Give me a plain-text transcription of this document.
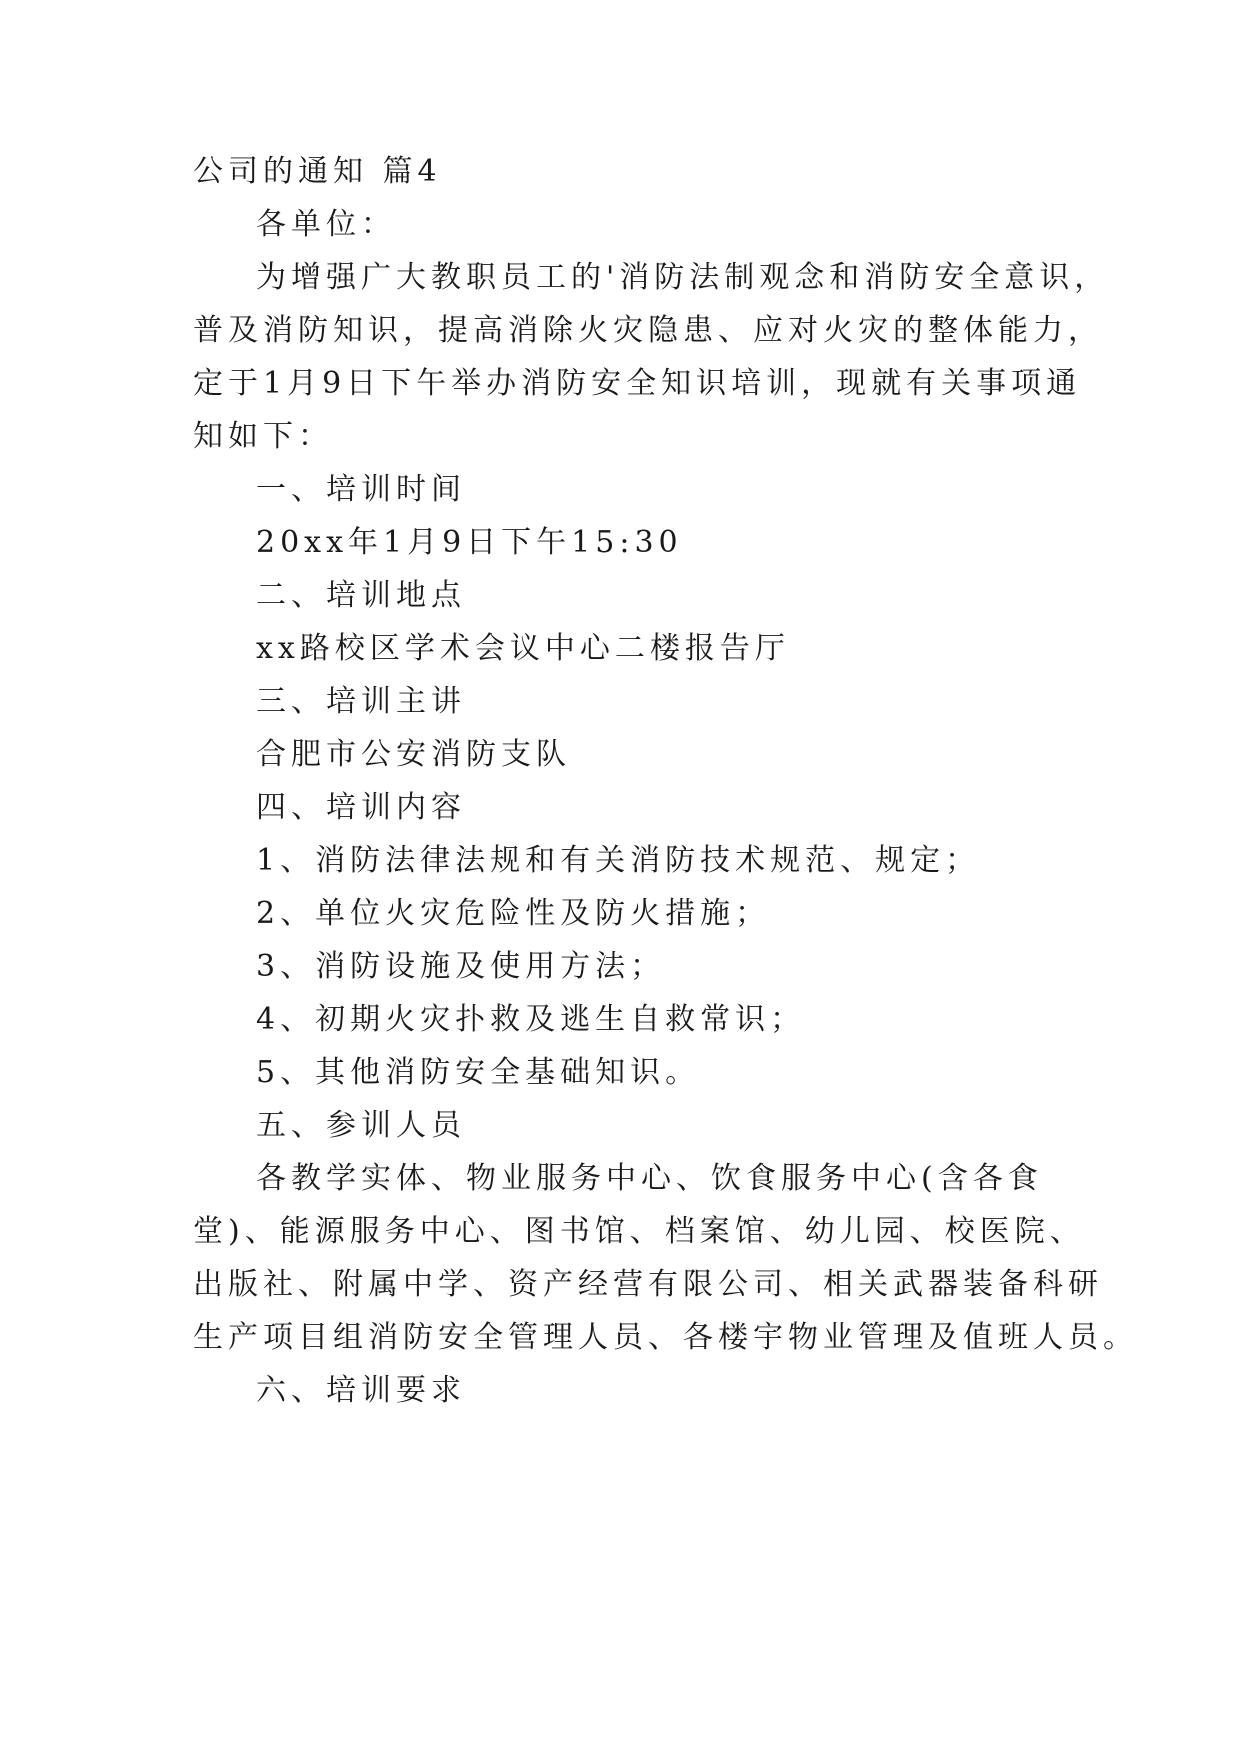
公司的通知 篇4
各单位：
为增强广大教职员工的'消防法制观念和消防安全意识，
普及消防知识，提高消除火灾隐患、应对火灾的整体能力，
定于1月9日下午举办消防安全知识培训，现就有关事项通
知如下：
一、培训时间
20xx年1月9日下午15:30
二、培训地点
xx路校区学术会议中心二楼报告厅
三、培训主讲
合肥市公安消防支队
四、培训内容
1、消防法律法规和有关消防技术规范、规定；
2、单位火灾危险性及防火措施；
3、消防设施及使用方法；
4、初期火灾扑救及逃生自救常识；
5、其他消防安全基础知识。
五、参训人员
各教学实体、物业服务中心、饮食服务中心(含各食
堂)、能源服务中心、图书馆、档案馆、幼儿园、校医院、
出版社、附属中学、资产经营有限公司、相关武器装备科研
生产项目组消防安全管理人员、各楼宇物业管理及值班人员。
六、培训要求
